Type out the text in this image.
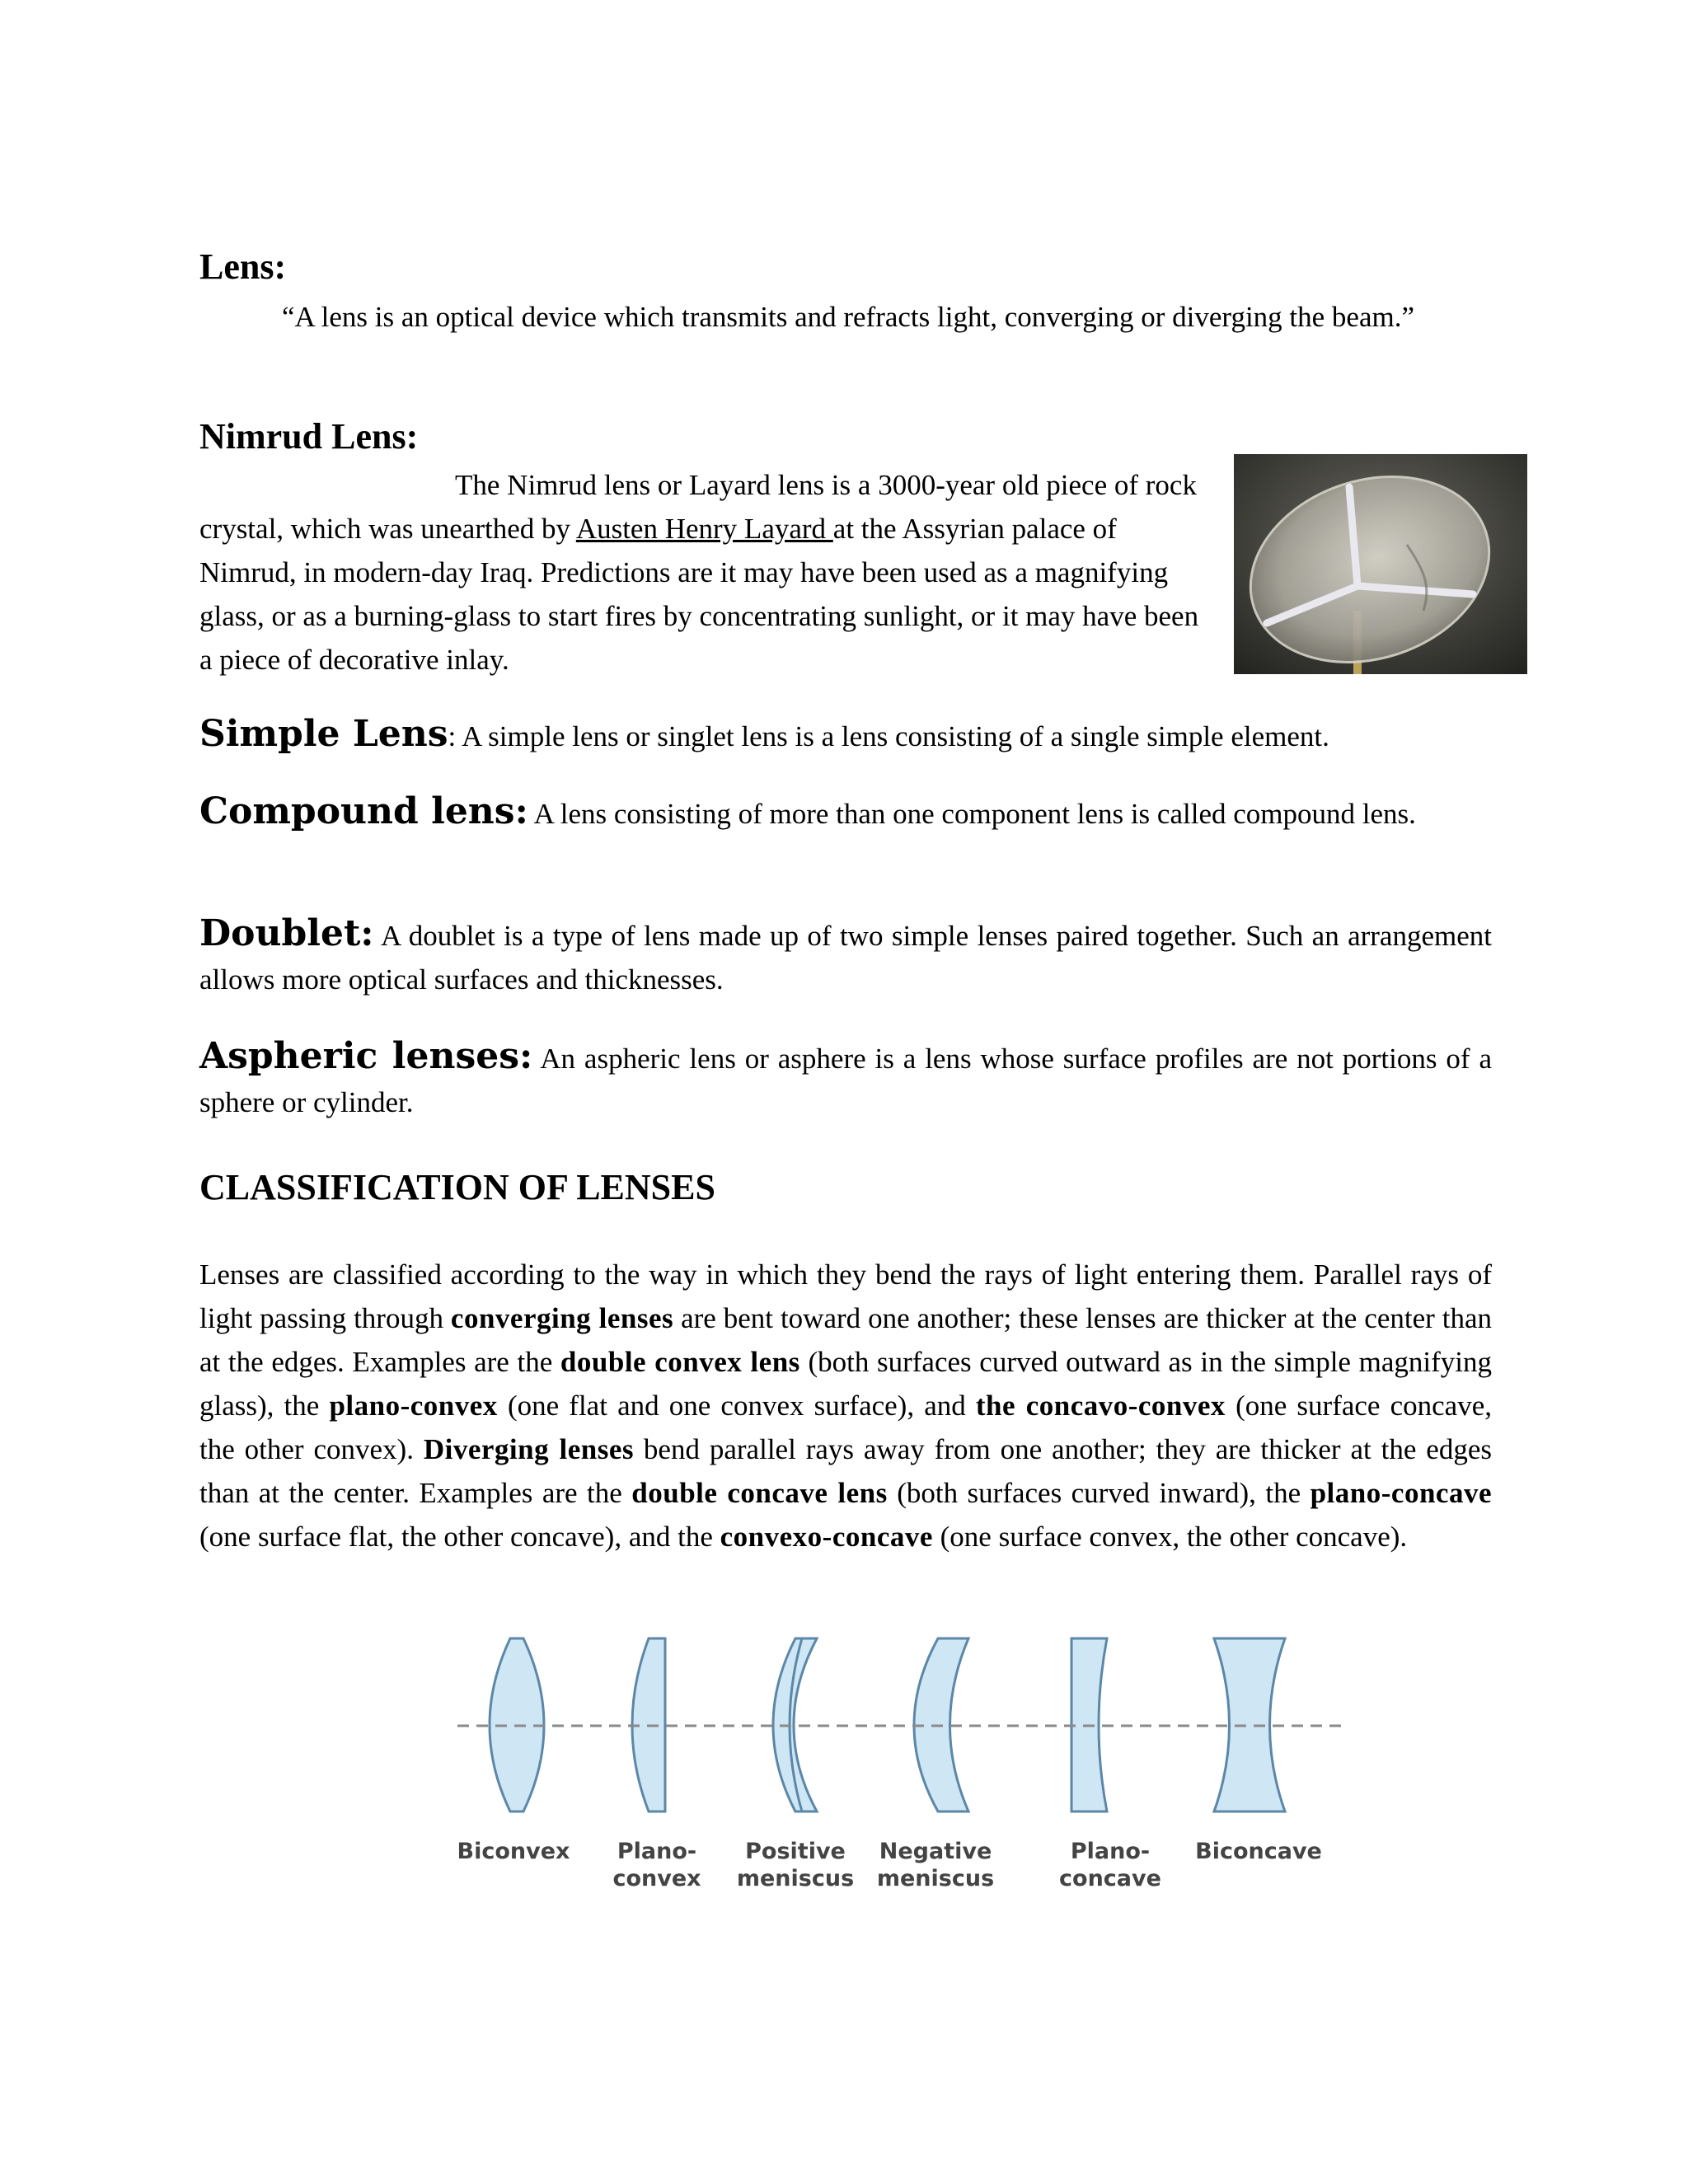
Lens:
“A lens is an optical device which transmits and refracts light, converging or diverging the beam.”
Nimrud Lens:
The Nimrud lens or Layard lens is a 3000-year old piece of rock crystal, which was unearthed by Austen Henry Layard at the Assyrian palace of Nimrud, in modern-day Iraq. Predictions are it may have been used as a magnifying glass, or as a burning-glass to start fires by concentrating sunlight, or it may have been a piece of decorative inlay.
Simple Lens: A simple lens or singlet lens is a lens consisting of a single simple element.
Compound lens: A lens consisting of more than one component lens is called compound lens.
Doublet: A doublet is a type of lens made up of two simple lenses paired together. Such an arrangement allows more optical surfaces and thicknesses.
Aspheric lenses: An aspheric lens or asphere is a lens whose surface profiles are not portions of a sphere or cylinder.
CLASSIFICATION OF LENSES
Lenses are classified according to the way in which they bend the rays of light entering them. Parallel rays of light passing through converging lenses are bent toward one another; these lenses are thicker at the center than at the edges. Examples are the double convex lens (both surfaces curved outward as in the simple magnifying glass), the plano-convex (one flat and one convex surface), and the concavo-convex (one surface concave, the other convex). Diverging lenses bend parallel rays away from one another; they are thicker at the edges than at the center. Examples are the double concave lens (both surfaces curved inward), the plano-concave (one surface flat, the other concave), and the convexo-concave (one surface convex, the other concave).
Biconvex Plano-
convex
Positive
meniscus
Negative
meniscus
Plano-
concave
Biconcave
